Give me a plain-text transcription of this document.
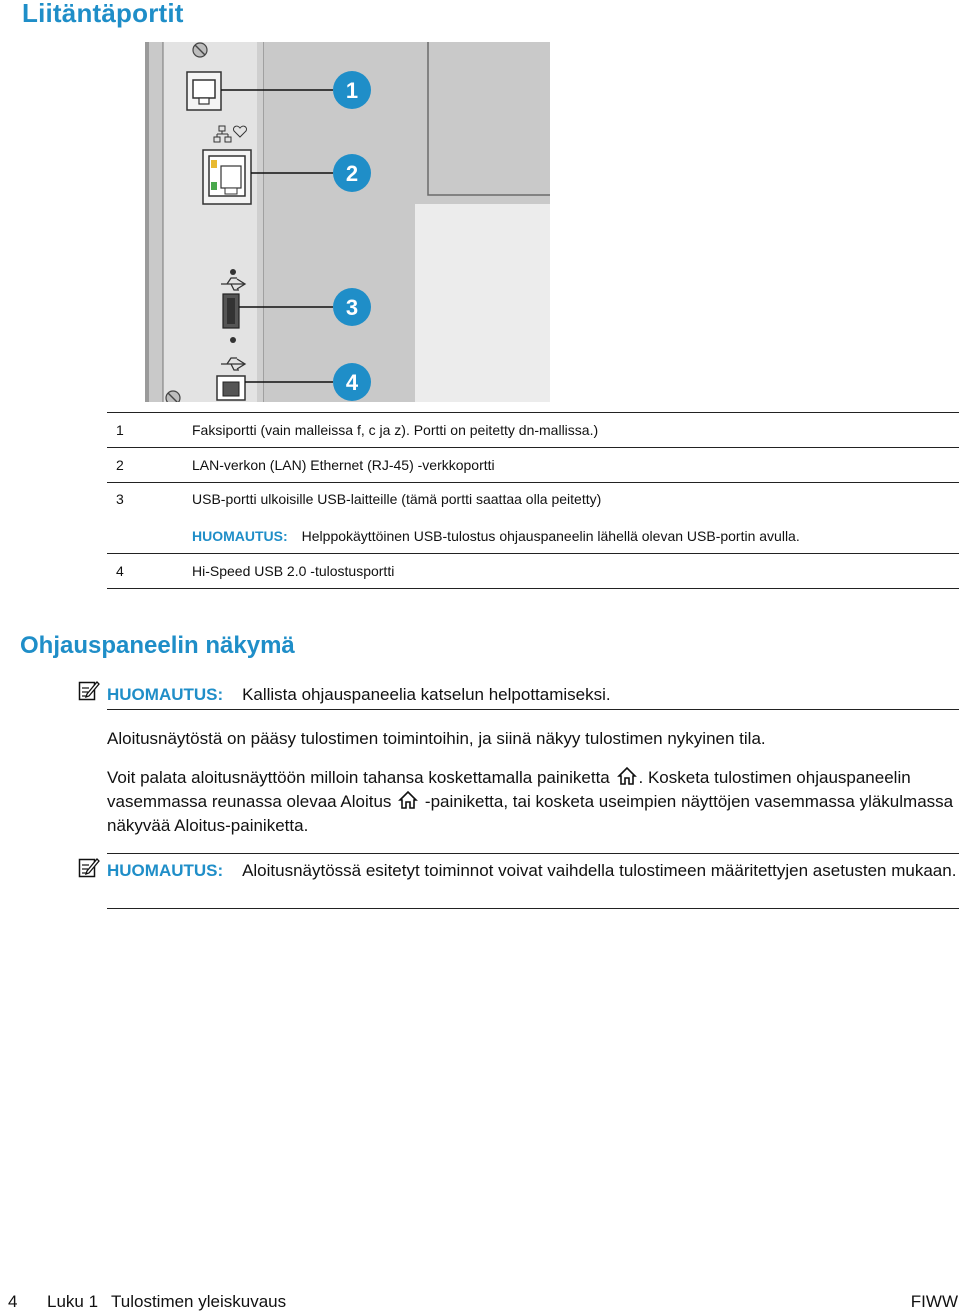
Liitäntäportit
1
2
3
4
1	Faksiportti (vain malleissa f, c ja z). Portti on peitetty dn-mallissa.)
2	LAN-verkon (LAN) Ethernet (RJ-45) -verkkoportti
3	USB-portti ulkoisille USB-laitteille (tämä portti saattaa olla peitetty)
HUOMAUTUS: Helppokäyttöinen USB-tulostus ohjauspaneelin lähellä olevan USB-portin avulla.
4	Hi-Speed USB 2.0 -tulostusportti
Ohjauspaneelin näkymä
HUOMAUTUS: Kallista ohjauspaneelia katselun helpottamiseksi.
Aloitusnäytöstä on pääsy tulostimen toimintoihin, ja siinä näkyy tulostimen nykyinen tila.
Voit palata aloitusnäyttöön milloin tahansa koskettamalla painiketta . Kosketa tulostimen ohjauspaneelin vasemmassa reunassa olevaa Aloitus -painiketta, tai kosketa useimpien näyttöjen vasemmassa yläkulmassa näkyvää Aloitus-painiketta.
HUOMAUTUS: Aloitusnäytössä esitetyt toiminnot voivat vaihdella tulostimeen määritettyjen asetusten mukaan.
4 Luku 1 Tulostimen yleiskuvaus	FIWW
